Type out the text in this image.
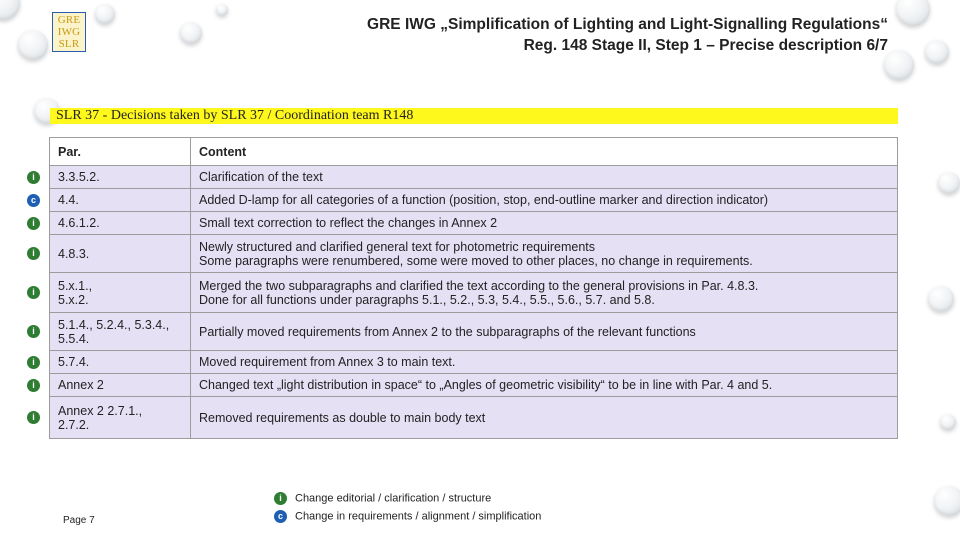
GRE
IWG
SLR
GRE IWG „Simplification of Lighting and Light-Signalling Regulations“
Reg. 148 Stage II, Step 1 – Precise description 6/7
SLR 37 - Decisions taken by SLR 37 / Coordination team R148
Par.	Content
3.3.5.2.	Clarification of the text
4.4.	Added D-lamp for all categories of a function (position, stop, end-outline marker and direction indicator)
4.6.1.2.	Small text correction to reflect the changes in Annex 2
4.8.3.	Newly structured and clarified general text for photometric requirements
Some paragraphs were renumbered, some were moved to other places, no change in requirements.
5.x.1.,
5.x.2.	Merged the two subparagraphs and clarified the text according to the general provisions in Par. 4.8.3.
Done for all functions under paragraphs 5.1., 5.2., 5.3, 5.4., 5.5., 5.6., 5.7. and 5.8.
5.1.4., 5.2.4., 5.3.4.,
5.5.4.	Partially moved requirements from Annex 2 to the subparagraphs of the relevant functions
5.7.4.	Moved requirement from Annex 3 to main text.
Annex 2	Changed text „light distribution in space“ to „Angles of geometric visibility“ to be in line with Par. 4 and 5.
Annex 2 2.7.1.,
2.7.2.	Removed requirements as double to main body text
i
c
i
i
i
i
i
i
i
Page 7
i Change editorial / clarification / structure
c Change in requirements / alignment / simplification
